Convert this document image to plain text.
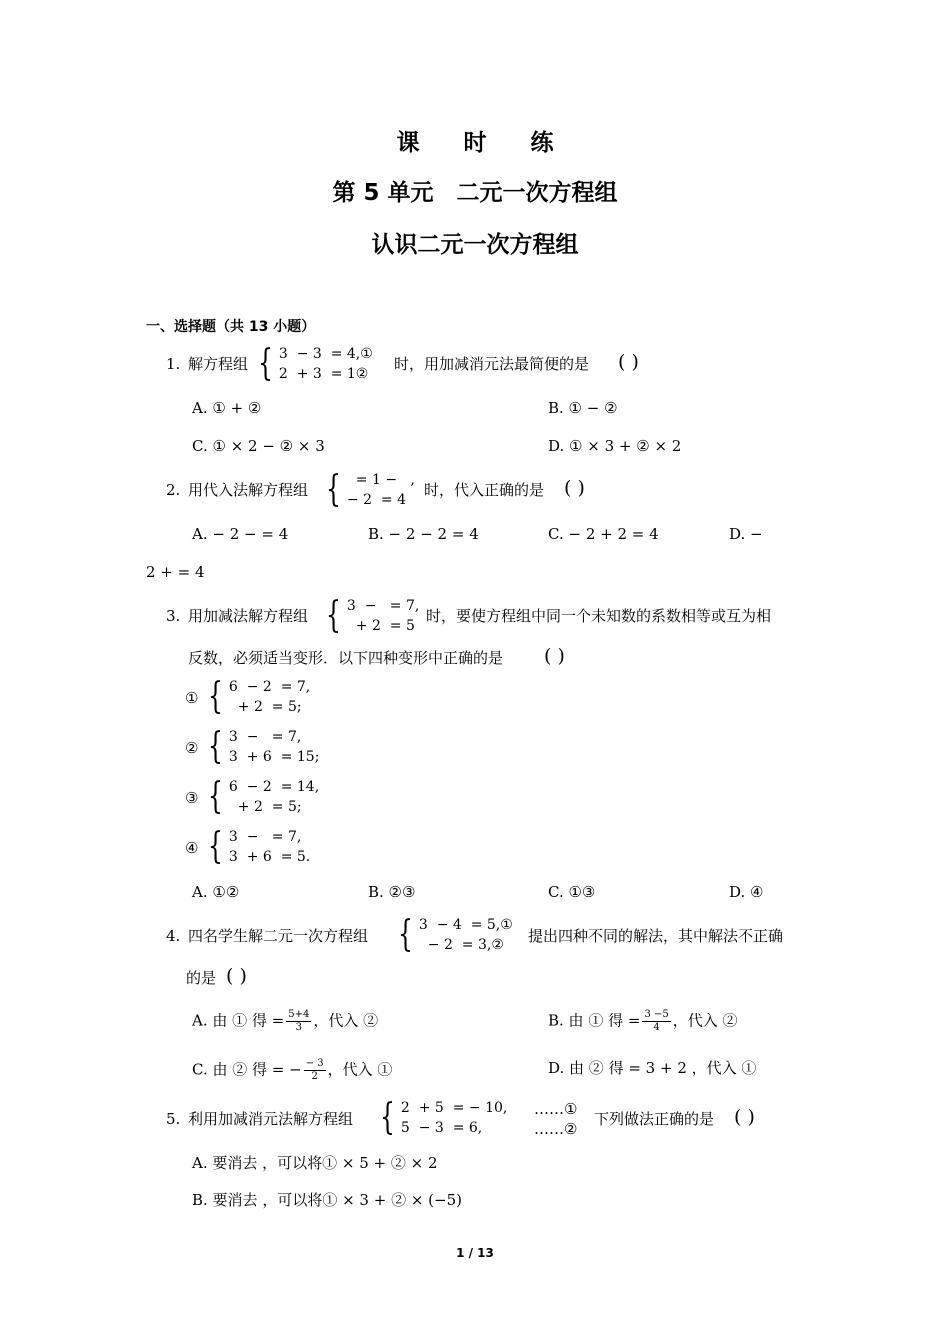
课 时 练
第 5 单元　二元一次方程组
认识二元一次方程组
一、选择题（共 13 小题）
1. 解方程组 { 3  − 3  = 4,①
2  + 3  = 1②
时，用加减消元法最简便的是 ( )
A. ① + ②	B. ① − ②
C. ① × 2 − ② × 3	D. ① × 3 + ② × 2
2. 用代入法解方程组 { = 1 −   ,
− 2  = 4
时，代入正确的是 ( )
A. − 2 − = 4	B. − 2 − 2 = 4	C. − 2 + 2 = 4	D. −
2 + = 4
3. 用加减法解方程组 { 3  −   = 7,
+ 2  = 5
时，要使方程组中同一个未知数的系数相等或互为相
反数，必须适当变形．以下四种变形中正确的是 ( )
① { 6  − 2  = 7,
+ 2  = 5;
② { 3  −   = 7,
3  + 6  = 15;
③ { 6  − 2  = 14,
+ 2  = 5;
④ { 3  −   = 7,
3  + 6  = 5.
A. ①②	B. ②③	C. ①③	D. ④
4. 四名学生解二元一次方程组 { 3  − 4  = 5,①
− 2  = 3,②	提出四种不同的解法，其中解法不正确
的是 ( )
A. 由 ① 得 = $\frac{5+4}{3}$ ，代入 ②	B. 由 ① 得 = $\frac{3 -5}{4}$ ，代入 ②
C. 由 ② 得 = − $\frac{- 3}{2}$ ，代入 ①	D. 由 ② 得 = 3 + 2 ，代入 ①
5. 利用加减消元法解方程组 { 2  + 5  = − 10,
5  − 3  = 6,
……①
……②
下列做法正确的是 ( )
A. 要消去 ，可以将① × 5 + ② × 2
B. 要消去 ，可以将① × 3 + ② × (−5)
1 / 13
